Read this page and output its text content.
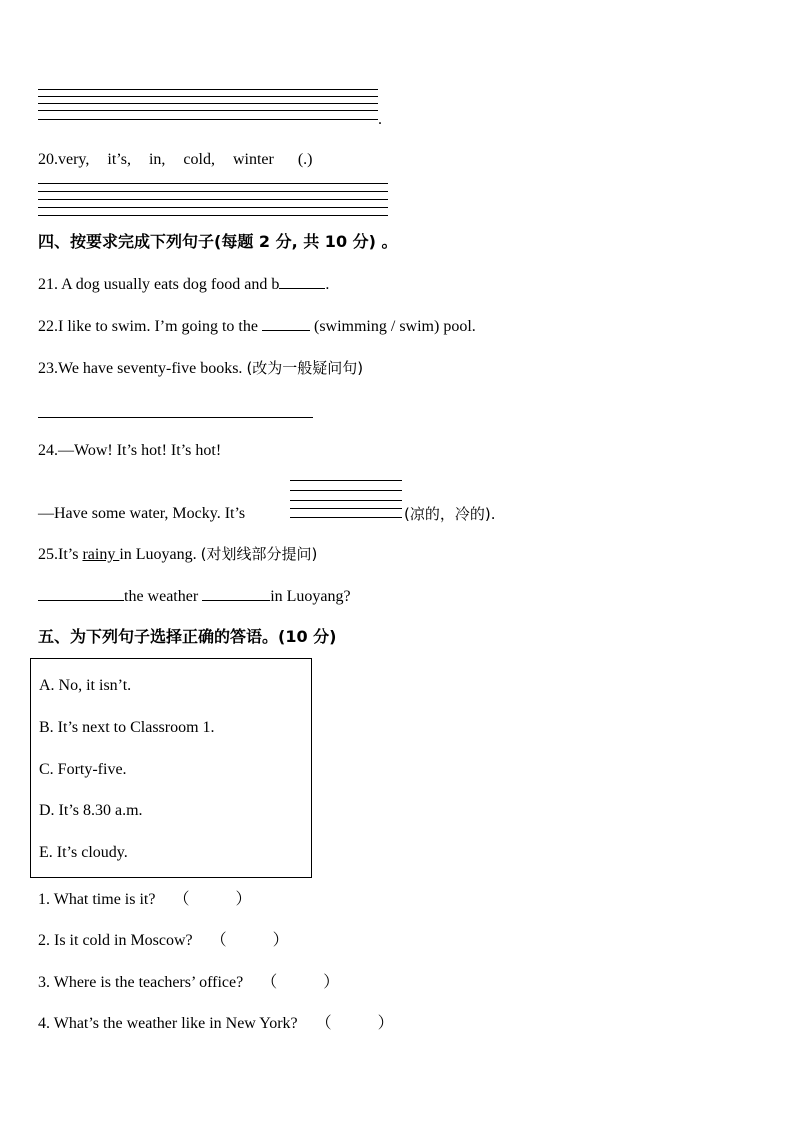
.
20.very, it’s, in, cold, winter (.)
四、按要求完成下列句子(每题 2 分, 共 10 分) 。
21. A dog usually eats dog food and b	.
22.I like to swim. I’m going to the	(swimming / swim) pool.
23.We have seventy-five books. (改为一般疑问句)
24.—Wow! It’s hot! It’s hot!
—Have some water, Mocky. It’s	(凉的，冷的).
25.It’s rainy in Luoyang. (对划线部分提问)
the weather	in Luoyang?
五、为下列句子选择正确的答语。(10 分)
A. No, it isn’t.
B. It’s next to Classroom 1.
C. Forty-five.
D. It’s 8.30 a.m.
E. It’s cloudy.
1. What time is it? （	）
2. Is it cold in Moscow? （	）
3. Where is the teachers’ office? （	）
4. What’s the weather like in New York? （	）
